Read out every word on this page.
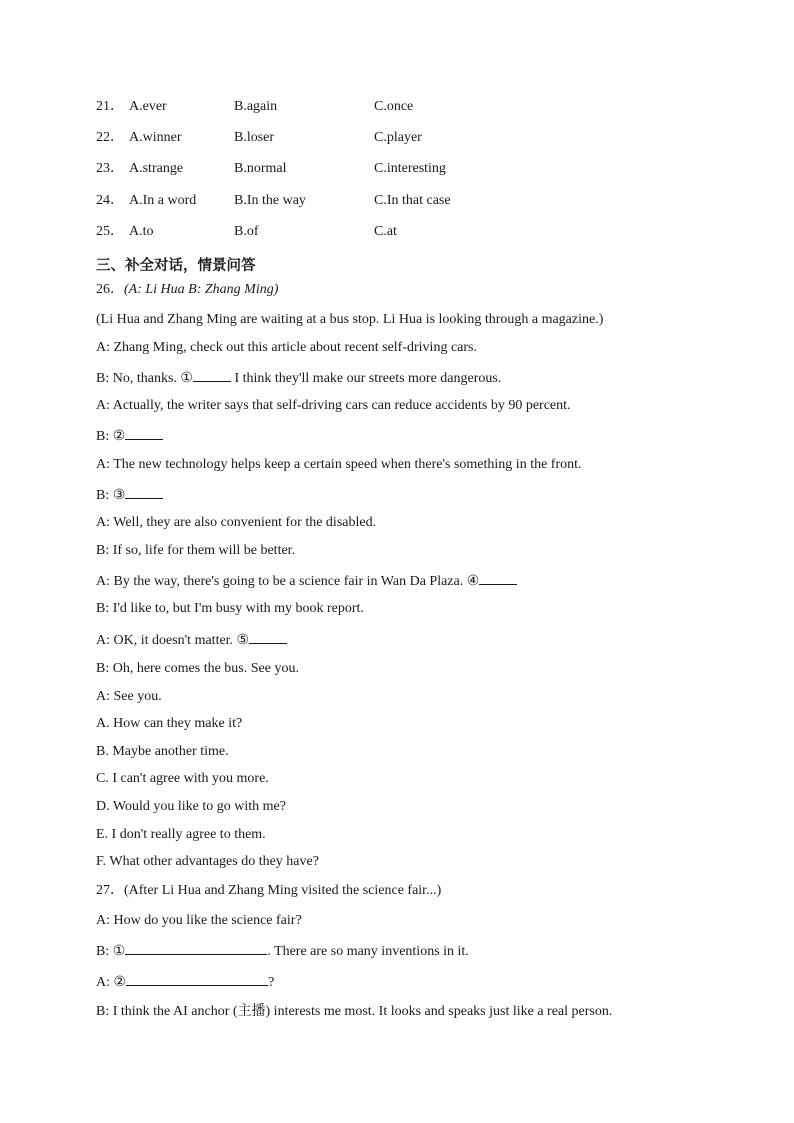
21． A.ever	B.again	C.once
22． A.winner	B.loser	C.player
23． A.strange	B.normal	C.interesting
24． A.In a word	B.In the way	C.In that case
25． A.to	B.of	C.at
三、补全对话，情景问答
26．(A: Li Hua B: Zhang Ming)
(Li Hua and Zhang Ming are waiting at a bus stop. Li Hua is looking through a magazine.)
A: Zhang Ming, check out this article about recent self-driving cars.
B: No, thanks. ①	I think they'll make our streets more dangerous.
A: Actually, the writer says that self-driving cars can reduce accidents by 90 percent.
B: ②
A: The new technology helps keep a certain speed when there's something in the front.
B: ③
A: Well, they are also convenient for the disabled.
B: If so, life for them will be better.
A: By the way, there's going to be a science fair in Wan Da Plaza. ④
B: I'd like to, but I'm busy with my book report.
A: OK, it doesn't matter. ⑤
B: Oh, here comes the bus. See you.
A: See you.
A. How can they make it?
B. Maybe another time.
C. I can't agree with you more.
D. Would you like to go with me?
E. I don't really agree to them.
F. What other advantages do they have?
27．(After Li Hua and Zhang Ming visited the science fair...)
A: How do you like the science fair?
B: ①	. There are so many inventions in it.
A: ②	?
B: I think the AI anchor (主播) interests me most. It looks and speaks just like a real person.
